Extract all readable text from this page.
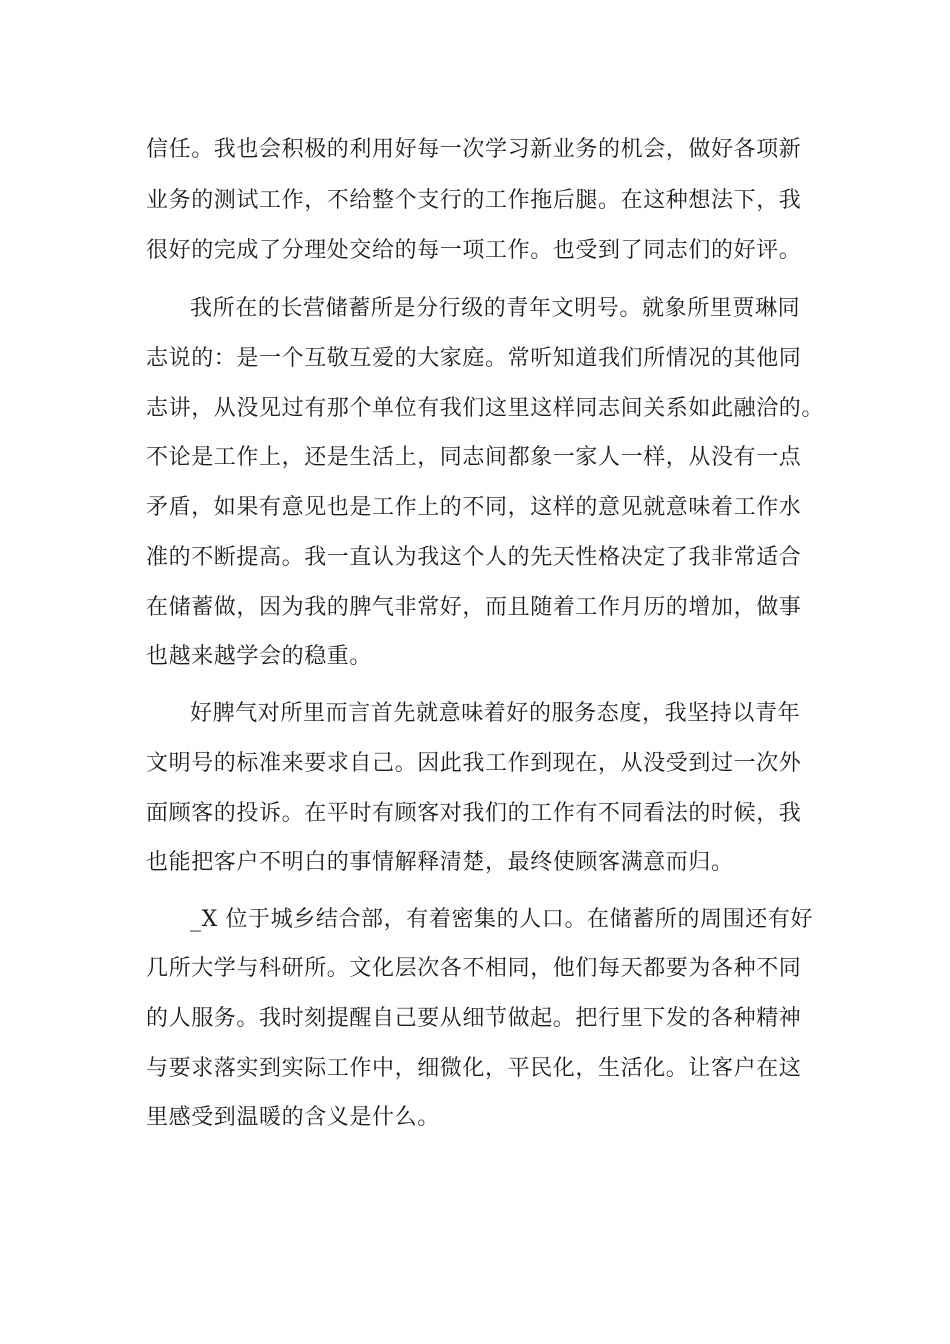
信任。我也会积极的利用好每一次学习新业务的机会，做好各项新

业务的测试工作，不给整个支行的工作拖后腿。在这种想法下，我

很好的完成了分理处交给的每一项工作。也受到了同志们的好评。

我所在的长营储蓄所是分行级的青年文明号。就象所里贾琳同

志说的：是一个互敬互爱的大家庭。常听知道我们所情况的其他同

志讲，从没见过有那个单位有我们这里这样同志间关系如此融洽的。

不论是工作上，还是生活上，同志间都象一家人一样，从没有一点

矛盾，如果有意见也是工作上的不同，这样的意见就意味着工作水

准的不断提高。我一直认为我这个人的先天性格决定了我非常适合

在储蓄做，因为我的脾气非常好，而且随着工作月历的增加，做事

也越来越学会的稳重。

好脾气对所里而言首先就意味着好的服务态度，我坚持以青年

文明号的标准来要求自己。因此我工作到现在，从没受到过一次外

面顾客的投诉。在平时有顾客对我们的工作有不同看法的时候，我

也能把客户不明白的事情解释清楚，最终使顾客满意而归。

_X 位于城乡结合部，有着密集的人口。在储蓄所的周围还有好

几所大学与科研所。文化层次各不相同，他们每天都要为各种不同

的人服务。我时刻提醒自己要从细节做起。把行里下发的各种精神

与要求落实到实际工作中，细微化，平民化，生活化。让客户在这

里感受到温暖的含义是什么。
